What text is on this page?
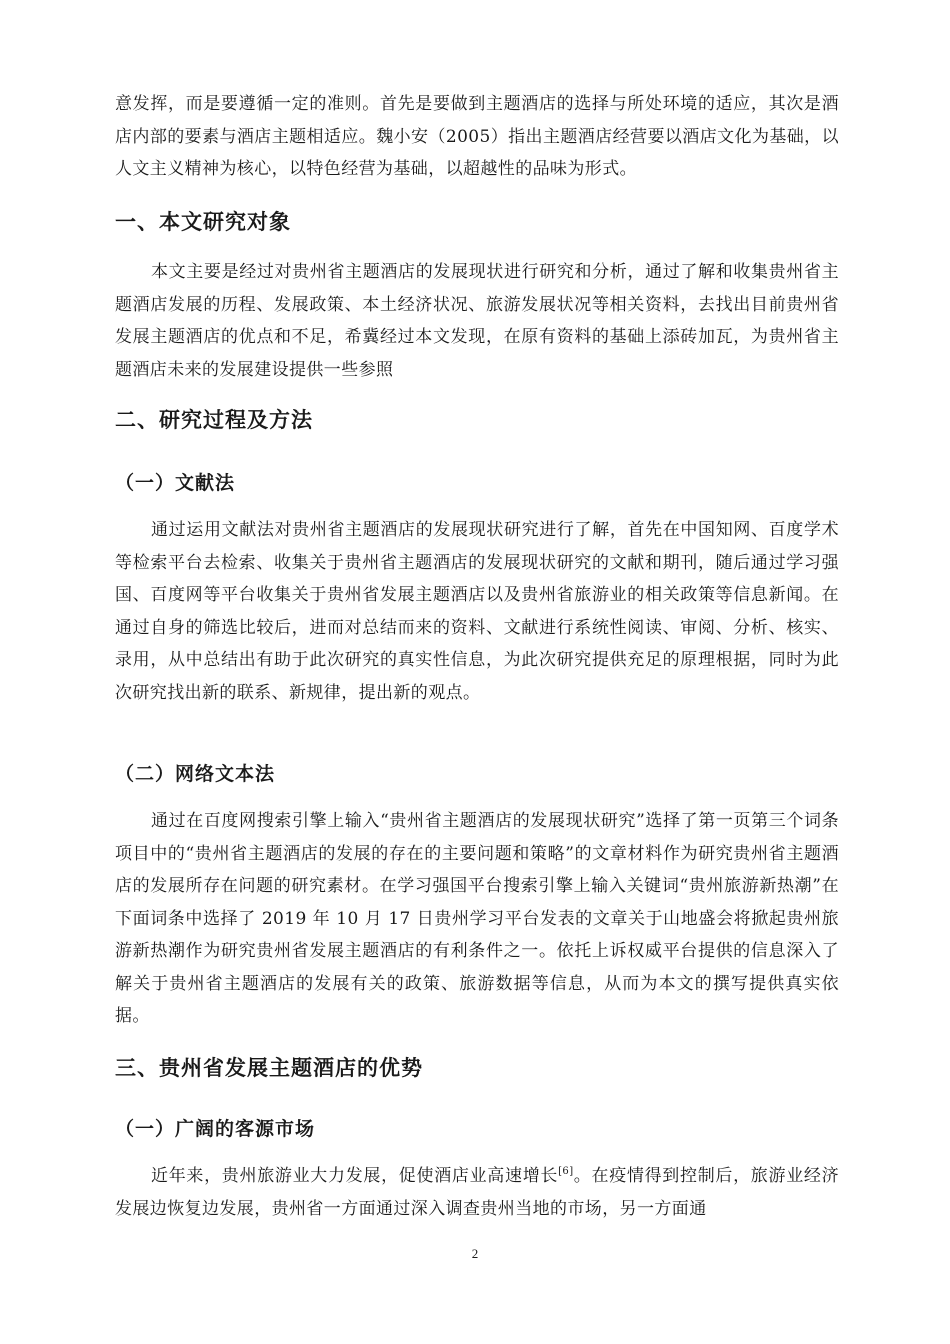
意发挥，而是要遵循一定的准则。首先是要做到主题酒店的选择与所处环境的适应，其次是酒店内部的要素与酒店主题相适应。魏小安（2005）指出主题酒店经营要以酒店文化为基础，以人文主义精神为核心，以特色经营为基础，以超越性的品味为形式。

一、本文研究对象

本文主要是经过对贵州省主题酒店的发展现状进行研究和分析，通过了解和收集贵州省主题酒店发展的历程、发展政策、本土经济状况、旅游发展状况等相关资料，去找出目前贵州省发展主题酒店的优点和不足，希冀经过本文发现，在原有资料的基础上添砖加瓦，为贵州省主题酒店未来的发展建设提供一些参照

二、研究过程及方法
（一）文献法

通过运用文献法对贵州省主题酒店的发展现状研究进行了解，首先在中国知网、百度学术等检索平台去检索、收集关于贵州省主题酒店的发展现状研究的文献和期刊，随后通过学习强国、百度网等平台收集关于贵州省发展主题酒店以及贵州省旅游业的相关政策等信息新闻。在通过自身的筛选比较后，进而对总结而来的资料、文献进行系统性阅读、审阅、分析、核实、录用，从中总结出有助于此次研究的真实性信息，为此次研究提供充足的原理根据，同时为此次研究找出新的联系、新规律，提出新的观点。

（二）网络文本法

通过在百度网搜索引擎上输入“贵州省主题酒店的发展现状研究”选择了第一页第三个词条项目中的“贵州省主题酒店的发展的存在的主要问题和策略”的文章材料作为研究贵州省主题酒店的发展所存在问题的研究素材。在学习强国平台搜索引擎上输入关键词“贵州旅游新热潮”在下面词条中选择了 2019 年 10 月 17 日贵州学习平台发表的文章关于山地盛会将掀起贵州旅游新热潮作为研究贵州省发展主题酒店的有利条件之一。依托上诉权威平台提供的信息深入了解关于贵州省主题酒店的发展有关的政策、旅游数据等信息，从而为本文的撰写提供真实依据。

三、贵州省发展主题酒店的优势
（一）广阔的客源市场

近年来，贵州旅游业大力发展，促使酒店业高速增长[6]。在疫情得到控制后，旅游业经济发展边恢复边发展，贵州省一方面通过深入调查贵州当地的市场，另一方面通

2
